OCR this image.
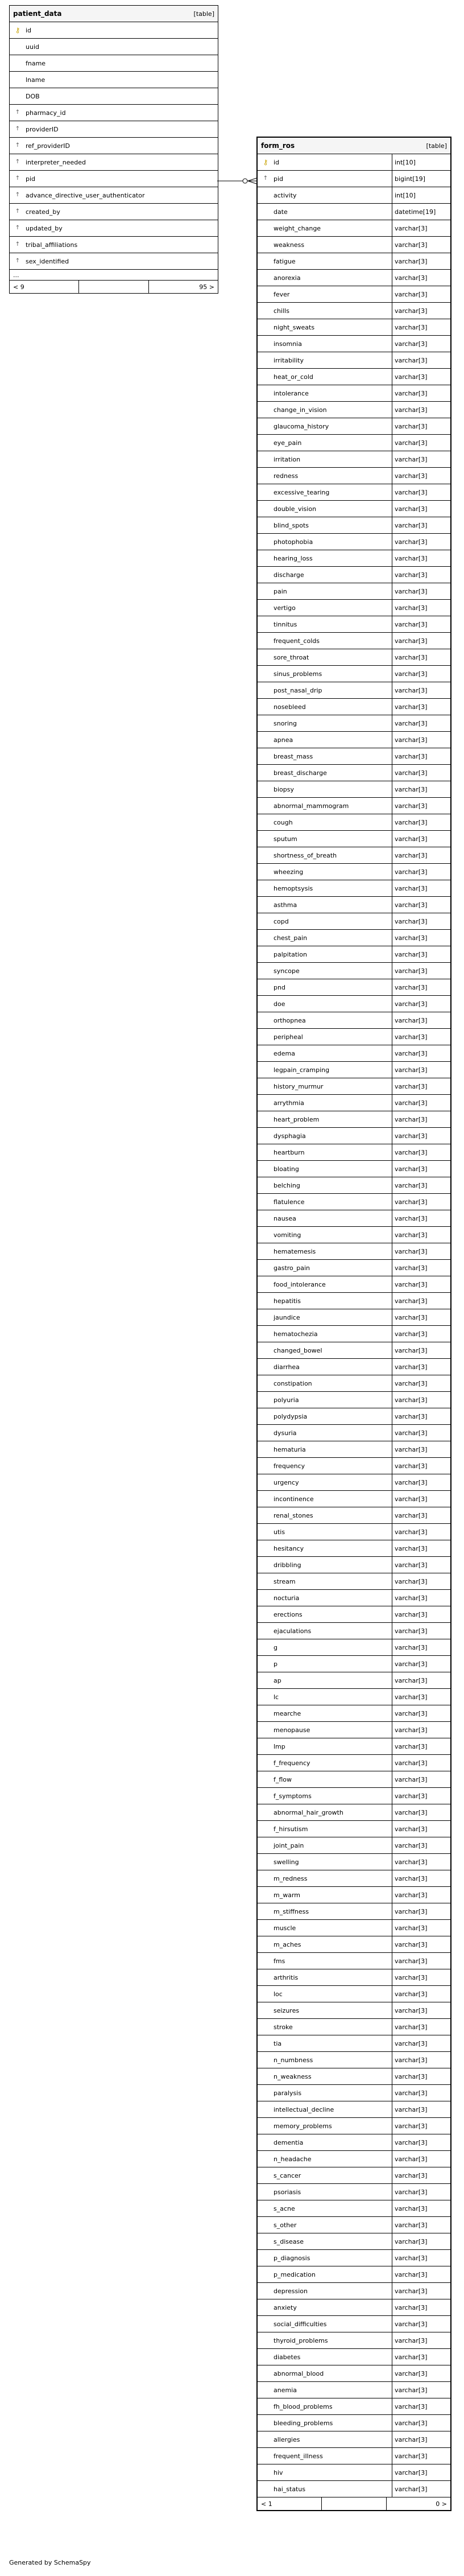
patient_data	[table]
⚷ id
uuid
fname
lname
DOB
↑ pharmacy_id
↑ providerID
↑ ref_providerID
↑ interpreter_needed
↑ pid
↑ advance_directive_user_authenticator
↑ created_by
↑ updated_by
↑ tribal_affiliations
↑ sex_identified
...
< 9	95 >
form_ros	[table]
⚷ id	int[10]
↑ pid	bigint[19]
activity	int[10]
date	datetime[19]
weight_change	varchar[3]
weakness	varchar[3]
fatigue	varchar[3]
anorexia	varchar[3]
fever	varchar[3]
chills	varchar[3]
night_sweats	varchar[3]
insomnia	varchar[3]
irritability	varchar[3]
heat_or_cold	varchar[3]
intolerance	varchar[3]
change_in_vision	varchar[3]
glaucoma_history	varchar[3]
eye_pain	varchar[3]
irritation	varchar[3]
redness	varchar[3]
excessive_tearing	varchar[3]
double_vision	varchar[3]
blind_spots	varchar[3]
photophobia	varchar[3]
hearing_loss	varchar[3]
discharge	varchar[3]
pain	varchar[3]
vertigo	varchar[3]
tinnitus	varchar[3]
frequent_colds	varchar[3]
sore_throat	varchar[3]
sinus_problems	varchar[3]
post_nasal_drip	varchar[3]
nosebleed	varchar[3]
snoring	varchar[3]
apnea	varchar[3]
breast_mass	varchar[3]
breast_discharge	varchar[3]
biopsy	varchar[3]
abnormal_mammogram	varchar[3]
cough	varchar[3]
sputum	varchar[3]
shortness_of_breath	varchar[3]
wheezing	varchar[3]
hemoptsysis	varchar[3]
asthma	varchar[3]
copd	varchar[3]
chest_pain	varchar[3]
palpitation	varchar[3]
syncope	varchar[3]
pnd	varchar[3]
doe	varchar[3]
orthopnea	varchar[3]
peripheal	varchar[3]
edema	varchar[3]
legpain_cramping	varchar[3]
history_murmur	varchar[3]
arrythmia	varchar[3]
heart_problem	varchar[3]
dysphagia	varchar[3]
heartburn	varchar[3]
bloating	varchar[3]
belching	varchar[3]
flatulence	varchar[3]
nausea	varchar[3]
vomiting	varchar[3]
hematemesis	varchar[3]
gastro_pain	varchar[3]
food_intolerance	varchar[3]
hepatitis	varchar[3]
jaundice	varchar[3]
hematochezia	varchar[3]
changed_bowel	varchar[3]
diarrhea	varchar[3]
constipation	varchar[3]
polyuria	varchar[3]
polydypsia	varchar[3]
dysuria	varchar[3]
hematuria	varchar[3]
frequency	varchar[3]
urgency	varchar[3]
incontinence	varchar[3]
renal_stones	varchar[3]
utis	varchar[3]
hesitancy	varchar[3]
dribbling	varchar[3]
stream	varchar[3]
nocturia	varchar[3]
erections	varchar[3]
ejaculations	varchar[3]
g	varchar[3]
p	varchar[3]
ap	varchar[3]
lc	varchar[3]
mearche	varchar[3]
menopause	varchar[3]
lmp	varchar[3]
f_frequency	varchar[3]
f_flow	varchar[3]
f_symptoms	varchar[3]
abnormal_hair_growth	varchar[3]
f_hirsutism	varchar[3]
joint_pain	varchar[3]
swelling	varchar[3]
m_redness	varchar[3]
m_warm	varchar[3]
m_stiffness	varchar[3]
muscle	varchar[3]
m_aches	varchar[3]
fms	varchar[3]
arthritis	varchar[3]
loc	varchar[3]
seizures	varchar[3]
stroke	varchar[3]
tia	varchar[3]
n_numbness	varchar[3]
n_weakness	varchar[3]
paralysis	varchar[3]
intellectual_decline	varchar[3]
memory_problems	varchar[3]
dementia	varchar[3]
n_headache	varchar[3]
s_cancer	varchar[3]
psoriasis	varchar[3]
s_acne	varchar[3]
s_other	varchar[3]
s_disease	varchar[3]
p_diagnosis	varchar[3]
p_medication	varchar[3]
depression	varchar[3]
anxiety	varchar[3]
social_difficulties	varchar[3]
thyroid_problems	varchar[3]
diabetes	varchar[3]
abnormal_blood	varchar[3]
anemia	varchar[3]
fh_blood_problems	varchar[3]
bleeding_problems	varchar[3]
allergies	varchar[3]
frequent_illness	varchar[3]
hiv	varchar[3]
hai_status	varchar[3]
< 1	0 >
Generated by SchemaSpy
